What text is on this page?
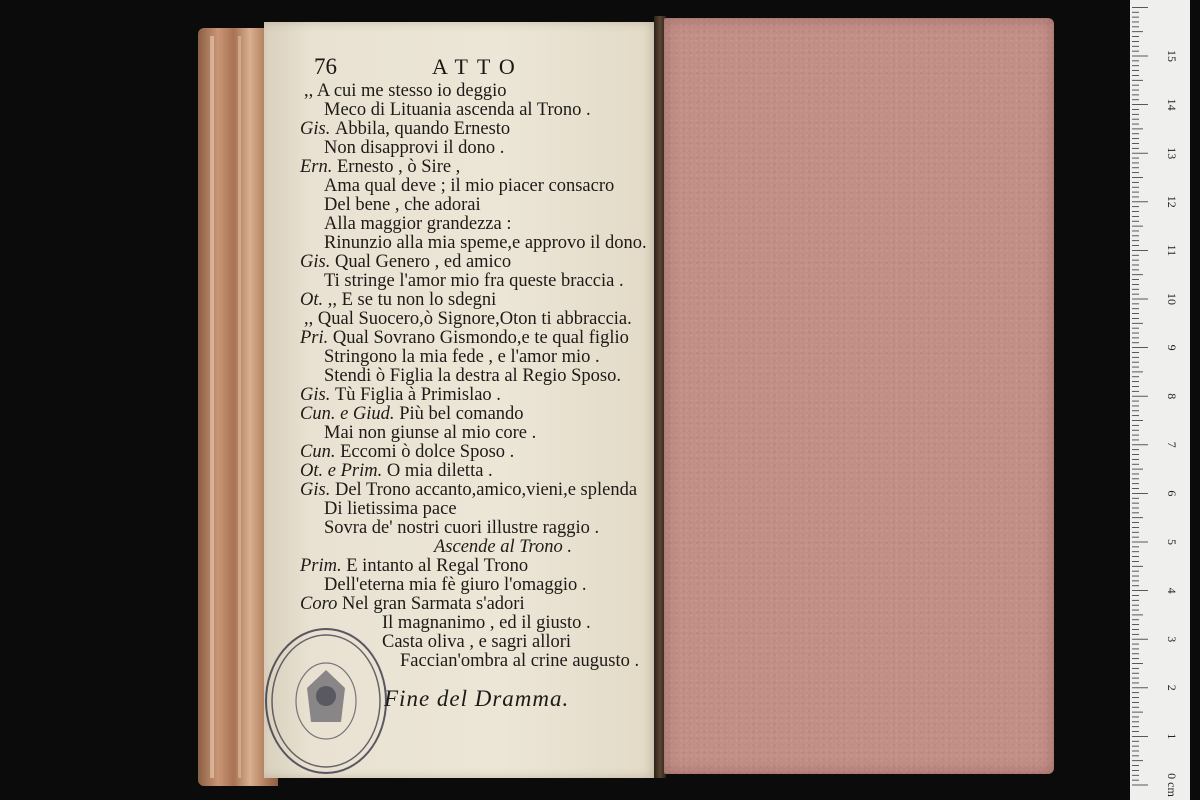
76	ATTO
,, A cui me stesso io deggio
Meco di Lituania ascenda al Trono .
Gis. Abbila, quando Ernesto
Non disapprovi il dono .
Ern. Ernesto , ò Sire ,
Ama qual deve ; il mio piacer consacro
Del bene , che adorai
Alla maggior grandezza :
Rinunzio alla mia speme,e approvo il dono.
Gis. Qual Genero , ed amico
Ti stringe l'amor mio fra queste braccia .
Ot. ,, E se tu non lo sdegni
,, Qual Suocero,ò Signore,Oton ti abbraccia.
Pri. Qual Sovrano Gismondo,e te qual figlio
Stringono la mia fede , e l'amor mio .
Stendi ò Figlia la destra al Regio Sposo.
Gis. Tù Figlia à Primislao .
Cun. e Giud. Più bel comando
Mai non giunse al mio core .
Cun. Eccomi ò dolce Sposo .
Ot. e Prim. O mia diletta .
Gis. Del Trono accanto,amico,vieni,e splenda
Di lietissima pace
Sovra de' nostri cuori illustre raggio .
Ascende al Trono .
Prim. E intanto al Regal Trono
Dell'eterna mia fè giuro l'omaggio .
Coro Nel gran Sarmata s'adori
Il magnanimo , ed il giusto .
Casta oliva , e sagri allori
Faccian'ombra al crine augusto .
Fine del Dramma.
0 cm
1
2
3
4
5
6
7
8
9
10
11
12
13
14
15
